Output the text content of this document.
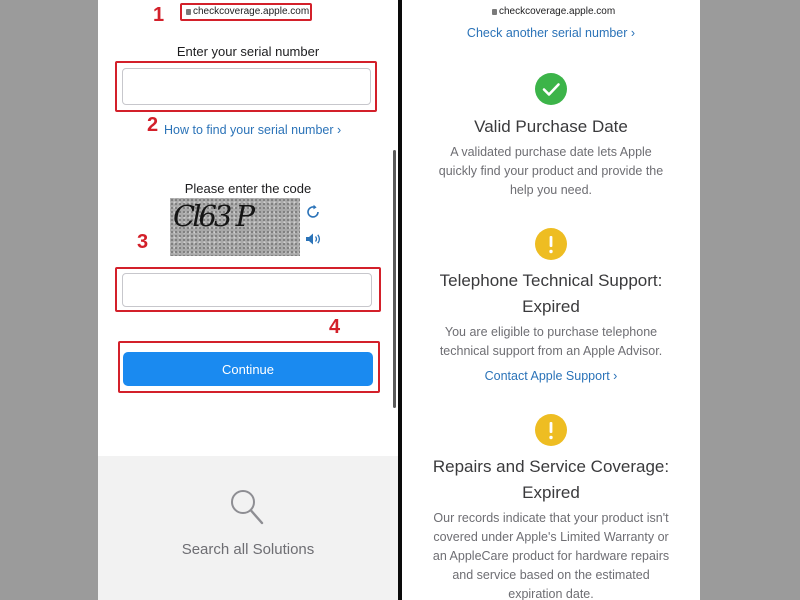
checkcoverage.apple.com
1
Enter your serial number
2 How to find your serial number ›
Please enter the code
Cl63 P
3
4
Continue
Search all Solutions
checkcoverage.apple.com
Check another serial number ›
Valid Purchase Date
A validated purchase date lets Apple
quickly find your product and provide the
help you need.
Telephone Technical Support:
Expired
You are eligible to purchase telephone
technical support from an Apple Advisor.
Contact Apple Support ›
Repairs and Service Coverage:
Expired
Our records indicate that your product isn't
covered under Apple's Limited Warranty or
an AppleCare product for hardware repairs
and service based on the estimated
expiration date.
